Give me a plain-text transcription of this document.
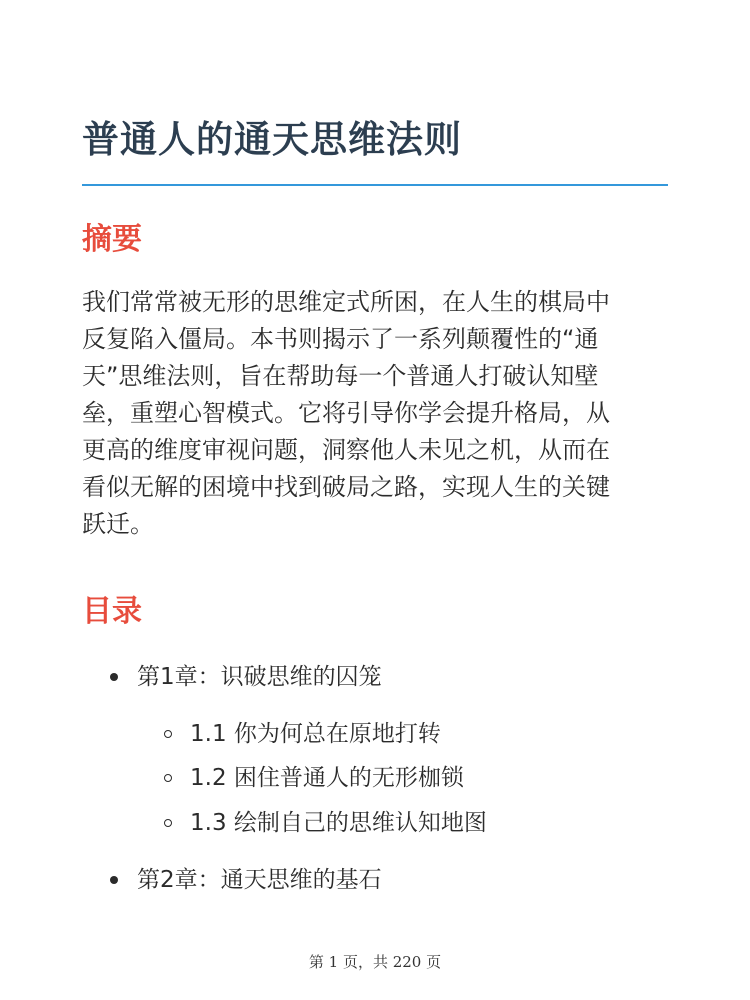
普通人的通天思维法则
摘要
我们常常被无形的思维定式所困，在人生的棋局中
反复陷入僵局。本书则揭示了一系列颠覆性的“通
天”思维法则，旨在帮助每一个普通人打破认知壁
垒，重塑心智模式。它将引导你学会提升格局，从
更高的维度审视问题，洞察他人未见之机，从而在
看似无解的困境中找到破局之路，实现人生的关键
跃迁。
目录
第1章：识破思维的囚笼
1.1 你为何总在原地打转
1.2 困住普通人的无形枷锁
1.3 绘制自己的思维认知地图
第2章：通天思维的基石
第 1 页，共 220 页
